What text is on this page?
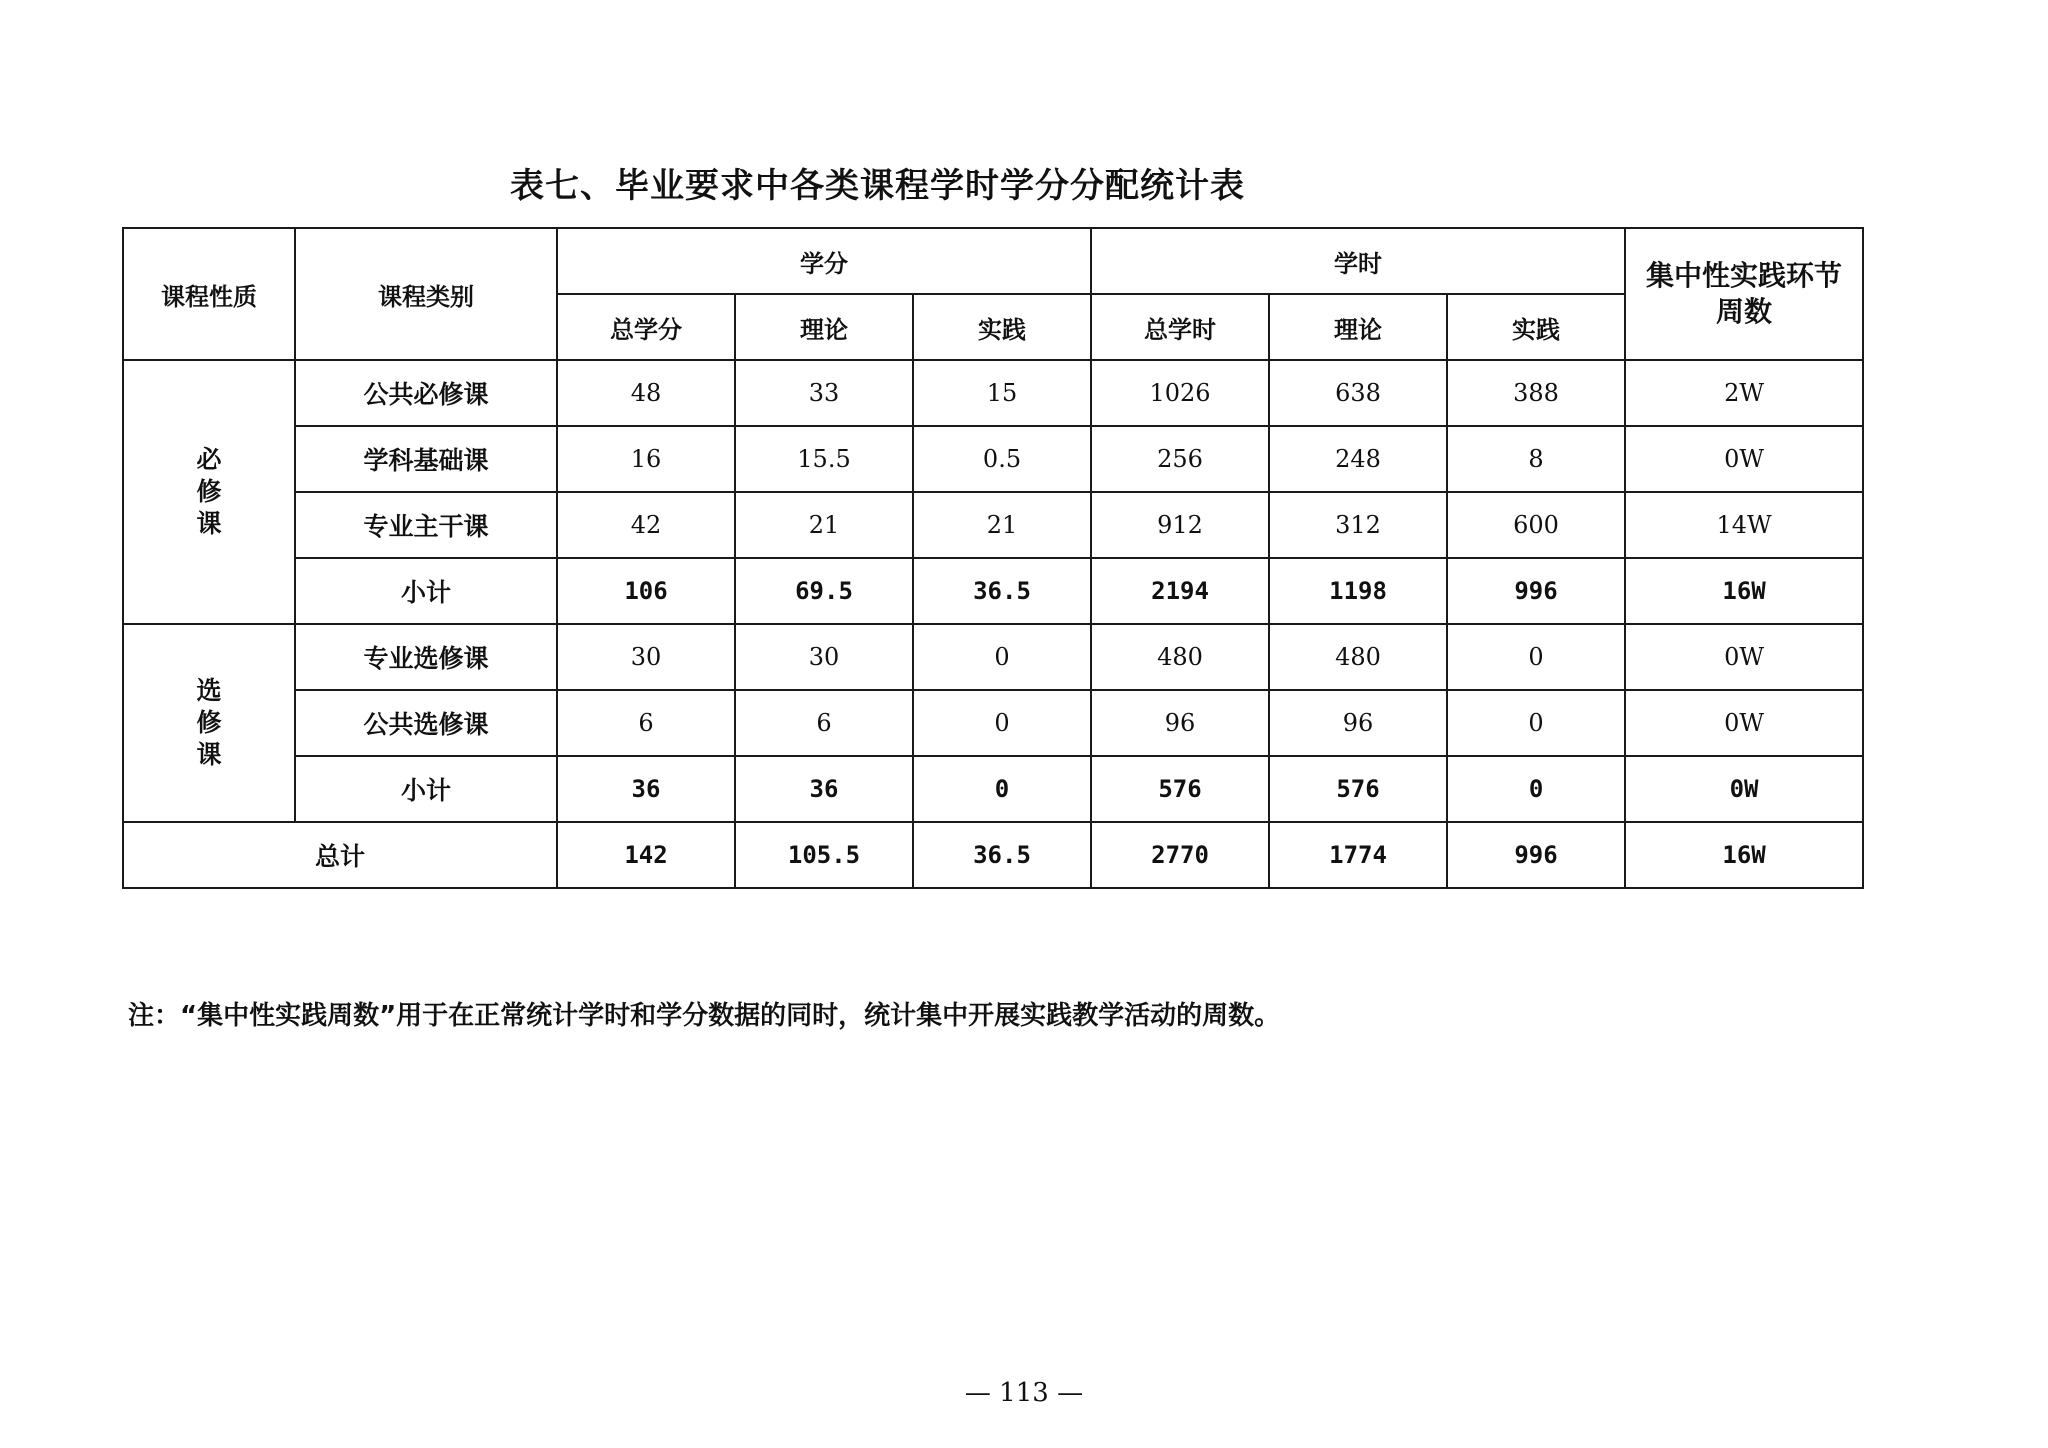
表七、毕业要求中各类课程学时学分分配统计表
课程性质	课程类别	学分			学时			集中性实践环节周数
		总学分	理论	实践	总学时	理论	实践	
必修课	公共必修课	48	33	15	1026	638	388	2W
	学科基础课	16	15.5	0.5	256	248	8	0W
	专业主干课	42	21	21	912	312	600	14W
	小计	106	69.5	36.5	2194	1198	996	16W
选修课	专业选修课	30	30	0	480	480	0	0W
	公共选修课	6	6	0	96	96	0	0W
	小计	36	36	0	576	576	0	0W
总计		142	105.5	36.5	2770	1774	996	16W
注：“集中性实践周数”用于在正常统计学时和学分数据的同时，统计集中开展实践教学活动的周数。
— 113 —
